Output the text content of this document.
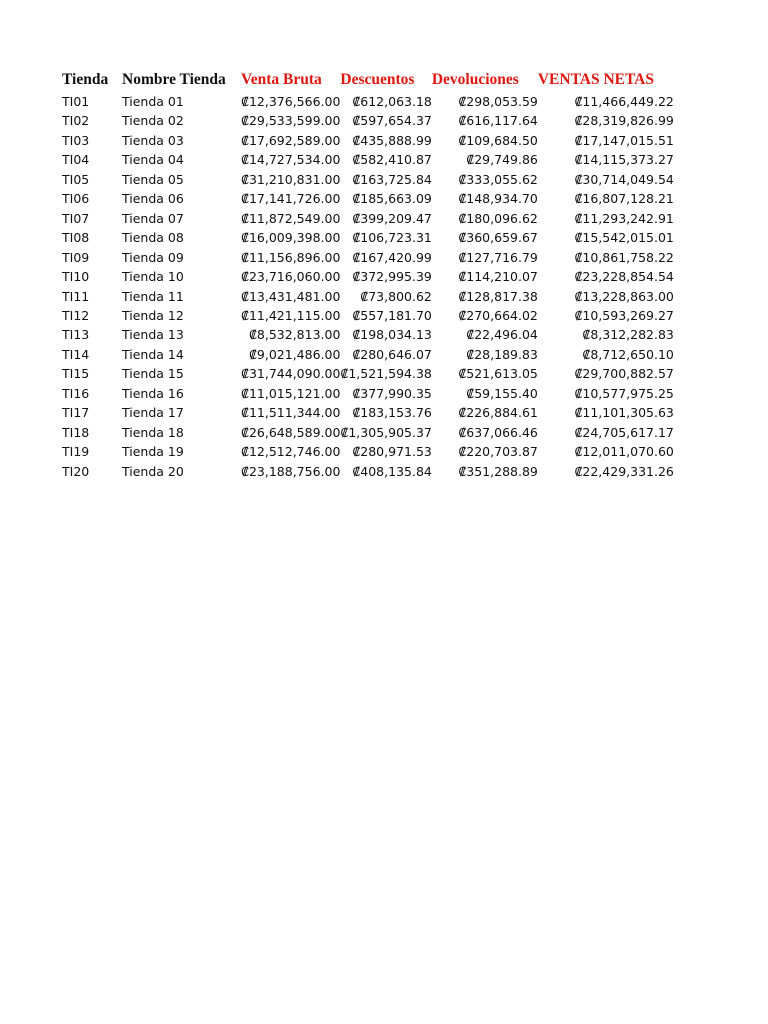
Tienda	Nombre Tienda	Venta Bruta	Descuentos	Devoluciones	VENTAS NETAS
TI01	Tienda 01	₡12,376,566.00	₡612,063.18	₡298,053.59	₡11,466,449.22
TI02	Tienda 02	₡29,533,599.00	₡597,654.37	₡616,117.64	₡28,319,826.99
TI03	Tienda 03	₡17,692,589.00	₡435,888.99	₡109,684.50	₡17,147,015.51
TI04	Tienda 04	₡14,727,534.00	₡582,410.87	₡29,749.86	₡14,115,373.27
TI05	Tienda 05	₡31,210,831.00	₡163,725.84	₡333,055.62	₡30,714,049.54
TI06	Tienda 06	₡17,141,726.00	₡185,663.09	₡148,934.70	₡16,807,128.21
TI07	Tienda 07	₡11,872,549.00	₡399,209.47	₡180,096.62	₡11,293,242.91
TI08	Tienda 08	₡16,009,398.00	₡106,723.31	₡360,659.67	₡15,542,015.01
TI09	Tienda 09	₡11,156,896.00	₡167,420.99	₡127,716.79	₡10,861,758.22
TI10	Tienda 10	₡23,716,060.00	₡372,995.39	₡114,210.07	₡23,228,854.54
TI11	Tienda 11	₡13,431,481.00	₡73,800.62	₡128,817.38	₡13,228,863.00
TI12	Tienda 12	₡11,421,115.00	₡557,181.70	₡270,664.02	₡10,593,269.27
TI13	Tienda 13	₡8,532,813.00	₡198,034.13	₡22,496.04	₡8,312,282.83
TI14	Tienda 14	₡9,021,486.00	₡280,646.07	₡28,189.83	₡8,712,650.10
TI15	Tienda 15	₡31,744,090.00	₡1,521,594.38	₡521,613.05	₡29,700,882.57
TI16	Tienda 16	₡11,015,121.00	₡377,990.35	₡59,155.40	₡10,577,975.25
TI17	Tienda 17	₡11,511,344.00	₡183,153.76	₡226,884.61	₡11,101,305.63
TI18	Tienda 18	₡26,648,589.00	₡1,305,905.37	₡637,066.46	₡24,705,617.17
TI19	Tienda 19	₡12,512,746.00	₡280,971.53	₡220,703.87	₡12,011,070.60
TI20	Tienda 20	₡23,188,756.00	₡408,135.84	₡351,288.89	₡22,429,331.26
